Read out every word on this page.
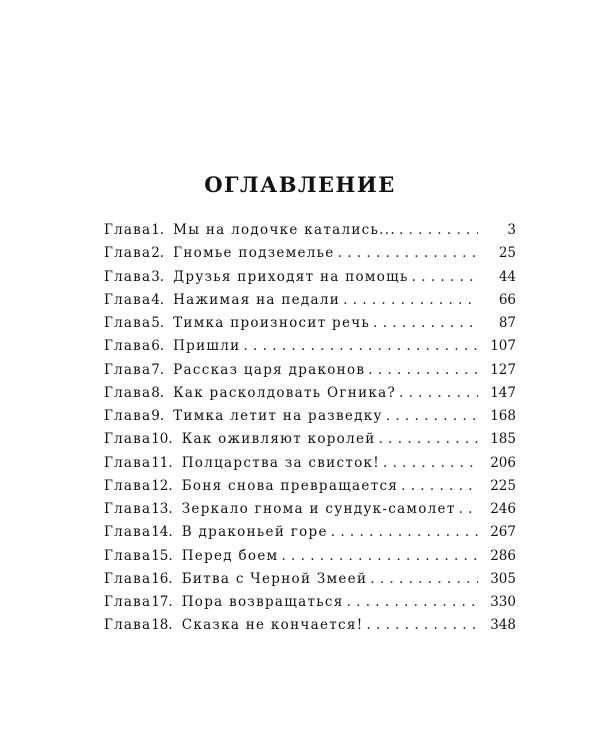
ОГЛАВЛЕНИЕ
Глава 1. Мы на лодочке катались... . . .	3
Глава 2. Гномье подземелье . . .	25
Глава 3. Друзья приходят на помощь . . .	44
Глава 4. Нажимая на педали . . .	66
Глава 5. Тимка произносит речь . . .	87
Глава 6. Пришли . . .	107
Глава 7. Рассказ царя драконов . . .	127
Глава 8. Как расколдовать Огника? . . .	147
Глава 9. Тимка летит на разведку . . .	168
Глава 10. Как оживляют королей . . .	185
Глава 11. Полцарства за свисток! . . .	206
Глава 12. Боня снова превращается . . .	225
Глава 13. Зеркало гнома и сундук-самолет . . .	246
Глава 14. В драконьей горе . . .	267
Глава 15. Перед боем . . .	286
Глава 16. Битва с Черной Змеей . . .	305
Глава 17. Пора возвращаться . . .	330
Глава 18. Сказка не кончается! . . .	348
